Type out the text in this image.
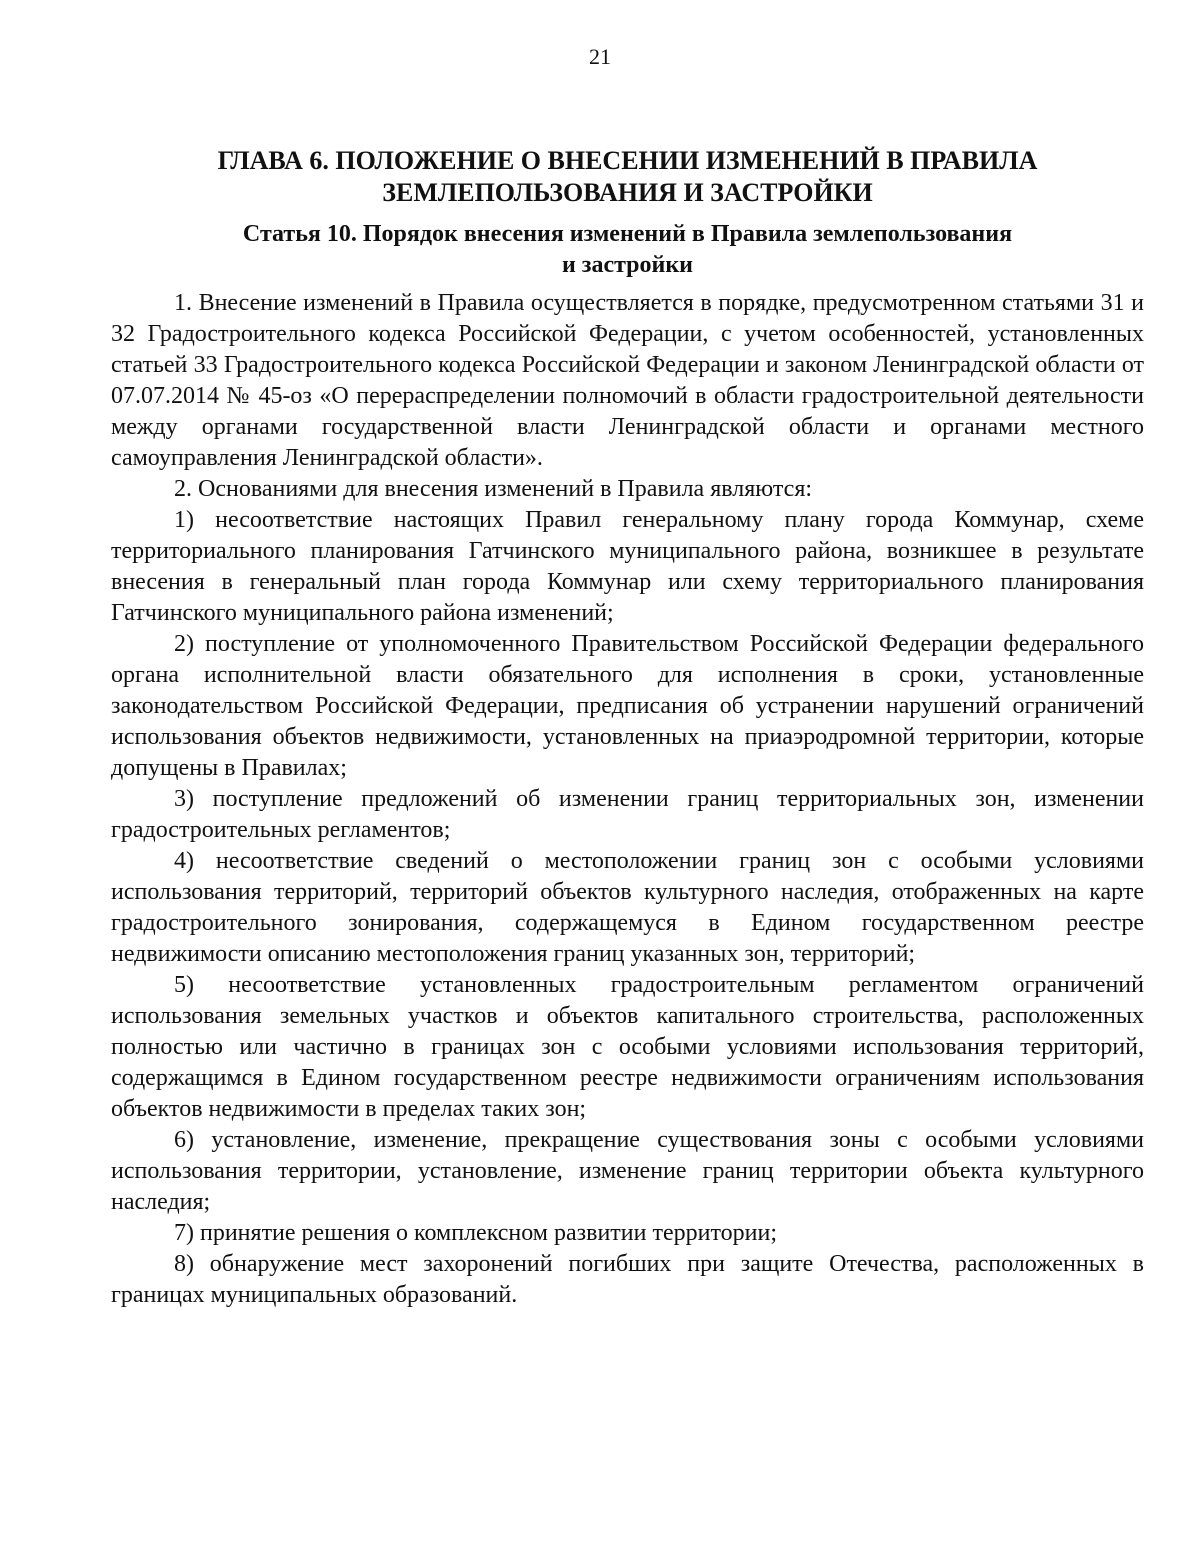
21
ГЛАВА 6. ПОЛОЖЕНИЕ О ВНЕСЕНИИ ИЗМЕНЕНИЙ В ПРАВИЛА
ЗЕМЛЕПОЛЬЗОВАНИЯ И ЗАСТРОЙКИ
Статья 10. Порядок внесения изменений в Правила землепользования
и застройки

1. Внесение изменений в Правила осуществляется в порядке, предусмотренном статьями 31 и 32 Градостроительного кодекса Российской Федерации, с учетом особенностей, установленных статьей 33 Градостроительного кодекса Российской Федерации и законом Ленинградской области от 07.07.2014 № 45-оз «О перераспределении полномочий в области градостроительной деятельности между органами государственной власти Ленинградской области и органами местного самоуправления Ленинградской области».

2. Основаниями для внесения изменений в Правила являются:

1) несоответствие настоящих Правил генеральному плану города Коммунар, схеме территориального планирования Гатчинского муниципального района, возникшее в результате внесения в генеральный план города Коммунар или схему территориального планирования Гатчинского муниципального района изменений;

2) поступление от уполномоченного Правительством Российской Федерации федерального органа исполнительной власти обязательного для исполнения в сроки, установленные законодательством Российской Федерации, предписания об устранении нарушений ограничений использования объектов недвижимости, установленных на приаэродромной территории, которые допущены в Правилах;

3) поступление предложений об изменении границ территориальных зон, изменении градостроительных регламентов;

4) несоответствие сведений о местоположении границ зон с особыми условиями использования территорий, территорий объектов культурного наследия, отображенных на карте градостроительного зонирования, содержащемуся в Едином государственном реестре недвижимости описанию местоположения границ указанных зон, территорий;

5) несоответствие установленных градостроительным регламентом ограничений использования земельных участков и объектов капитального строительства, расположенных полностью или частично в границах зон с особыми условиями использования территорий, содержащимся в Едином государственном реестре недвижимости ограничениям использования объектов недвижимости в пределах таких зон;

6) установление, изменение, прекращение существования зоны с особыми условиями использования территории, установление, изменение границ территории объекта культурного наследия;

7) принятие решения о комплексном развитии территории;

8) обнаружение мест захоронений погибших при защите Отечества, расположенных в границах муниципальных образований.
